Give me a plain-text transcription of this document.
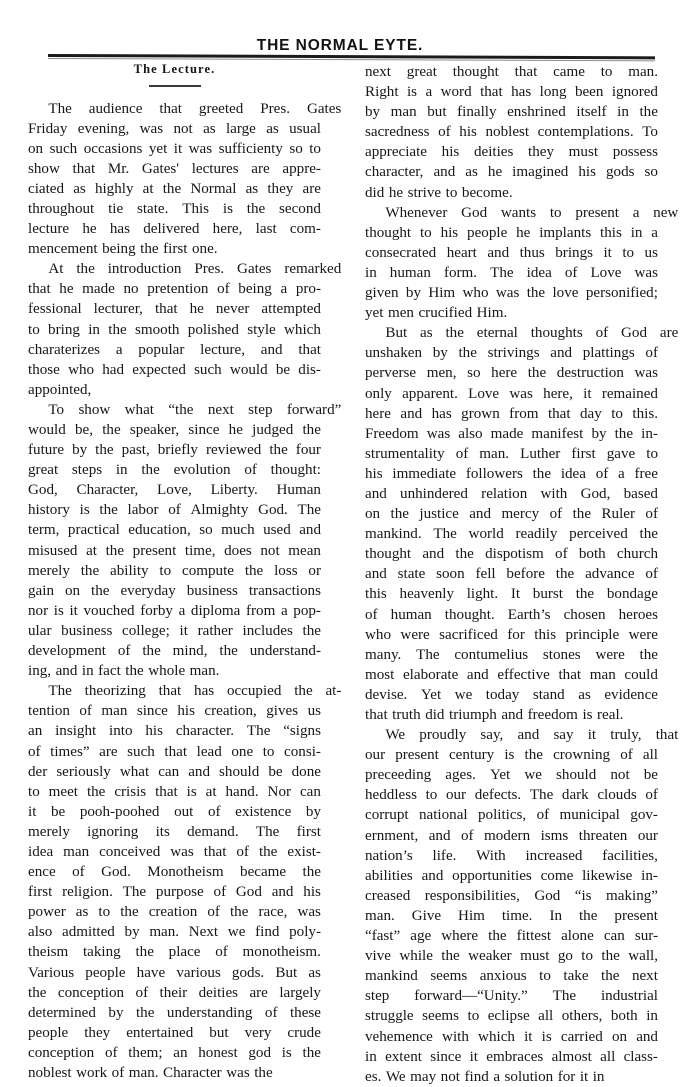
THE NORMAL EYTE.
The Lecture.
The audience that greeted Pres. Gates
Friday evening, was not as large as usual
on such occasions yet it was sufficienty so to
show that Mr. Gates' lectures are appre-
ciated as highly at the Normal as they are
throughout tie state. This is the second
lecture he has delivered here, last com-
mencement being the first one.
At the introduction Pres. Gates remarked
that he made no pretention of being a pro-
fessional lecturer, that he never attempted
to bring in the smooth polished style which
charaterizes a popular lecture, and that
those who had expected such would be dis-
appointed,
To show what “the next step forward”
would be, the speaker, since he judged the
future by the past, briefly reviewed the four
great steps in the evolution of thought:
God, Character, Love, Liberty. Human
history is the labor of Almighty God. The
term, practical education, so much used and
misused at the present time, does not mean
merely the ability to compute the loss or
gain on the everyday business transactions
nor is it vouched forby a diploma from a pop-
ular business college; it rather includes the
development of the mind, the understand-
ing, and in fact the whole man.
The theorizing that has occupied the at-
tention of man since his creation, gives us
an insight into his character. The “signs
of times” are such that lead one to consi-
der seriously what can and should be done
to meet the crisis that is at hand. Nor can
it be pooh-poohed out of existence by
merely ignoring its demand. The first
idea man conceived was that of the exist-
ence of God. Monotheism became the
first religion. The purpose of God and his
power as to the creation of the race, was
also admitted by man. Next we find poly-
theism taking the place of monotheism.
Various people have various gods. But as
the conception of their deities are largely
determined by the understanding of these
people they entertained but very crude
conception of them; an honest god is the
noblest work of man. Character was the
next great thought that came to man.
Right is a word that has long been ignored
by man but finally enshrined itself in the
sacredness of his noblest contemplations. To
appreciate his deities they must possess
character, and as he imagined his gods so
did he strive to become.
Whenever God wants to present a new
thought to his people he implants this in a
consecrated heart and thus brings it to us
in human form. The idea of Love was
given by Him who was the love personified;
yet men crucified Him.
But as the eternal thoughts of God are
unshaken by the strivings and plattings of
perverse men, so here the destruction was
only apparent. Love was here, it remained
here and has grown from that day to this.
Freedom was also made manifest by the in-
strumentality of man. Luther first gave to
his immediate followers the idea of a free
and unhindered relation with God, based
on the justice and mercy of the Ruler of
mankind. The world readily perceived the
thought and the dispotism of both church
and state soon fell before the advance of
this heavenly light. It burst the bondage
of human thought. Earth’s chosen heroes
who were sacrificed for this principle were
many. The contumelius stones were the
most elaborate and effective that man could
devise. Yet we today stand as evidence
that truth did triumph and freedom is real.
We proudly say, and say it truly, that
our present century is the crowning of all
preceeding ages. Yet we should not be
heddless to our defects. The dark clouds of
corrupt national politics, of municipal gov-
ernment, and of modern isms threaten our
nation’s life. With increased facilities,
abilities and opportunities come likewise in-
creased responsibilities, God “is making”
man. Give Him time. In the present
“fast” age where the fittest alone can sur-
vive while the weaker must go to the wall,
mankind seems anxious to take the next
step forward—“Unity.” The industrial
struggle seems to eclipse all others, both in
vehemence with which it is carried on and
in extent since it embraces almost all class-
es. We may not find a solution for it in
